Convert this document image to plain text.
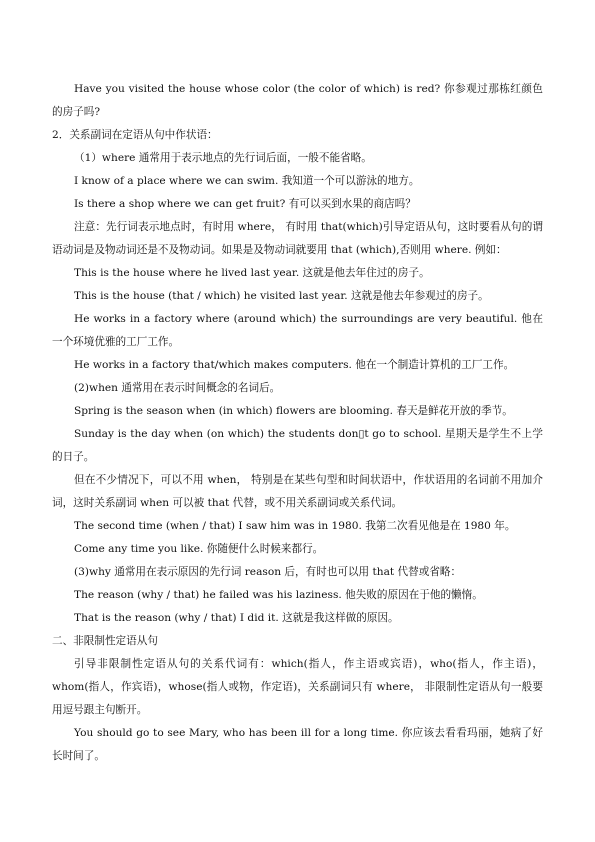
Have you visited the house whose color (the color of which) is red? 你参观过那栋红颜色的房子吗?

2．关系副词在定语从句中作状语：

（1）where 通常用于表示地点的先行词后面，一般不能省略。

I know of a place where we can swim. 我知道一个可以游泳的地方。

Is there a shop where we can get fruit? 有可以买到水果的商店吗？

注意：先行词表示地点时，有时用 where， 有时用 that(which)引导定语从句，这时要看从句的谓语动词是及物动词还是不及物动词。如果是及物动词就要用 that (which),否则用 where. 例如：

This is the house where he lived last year. 这就是他去年住过的房子。

This is the house (that / which) he visited last year. 这就是他去年参观过的房子。

He works in a factory where (around which) the surroundings are very beautiful. 他在一个环境优雅的工厂工作。

He works in a factory that/which makes computers. 他在一个制造计算机的工厂工作。

(2)when 通常用在表示时间概念的名词后。

Spring is the season when (in which) flowers are blooming. 春天是鲜花开放的季节。

Sunday is the day when (on which) the students don▯t go to school. 星期天是学生不上学的日子。

但在不少情况下，可以不用 when， 特别是在某些句型和时间状语中，作状语用的名词前不用加介词，这时关系副词 when 可以被 that 代替，或不用关系副词或关系代词。

The second time (when / that) I saw him was in 1980. 我第二次看见他是在 1980 年。

Come any time you like. 你随便什么时候来都行。

(3)why 通常用在表示原因的先行词 reason 后，有时也可以用 that 代替或省略：

The reason (why / that) he failed was his laziness. 他失败的原因在于他的懒惰。

That is the reason (why / that) I did it. 这就是我这样做的原因。

二、非限制性定语从句

引导非限制性定语从句的关系代词有：which(指人，作主语或宾语)，who(指人，作主语)，whom(指人，作宾语)，whose(指人或物，作定语)，关系副词只有 where， 非限制性定语从句一般要用逗号跟主句断开。

You should go to see Mary, who has been ill for a long time. 你应该去看看玛丽，她病了好长时间了。
